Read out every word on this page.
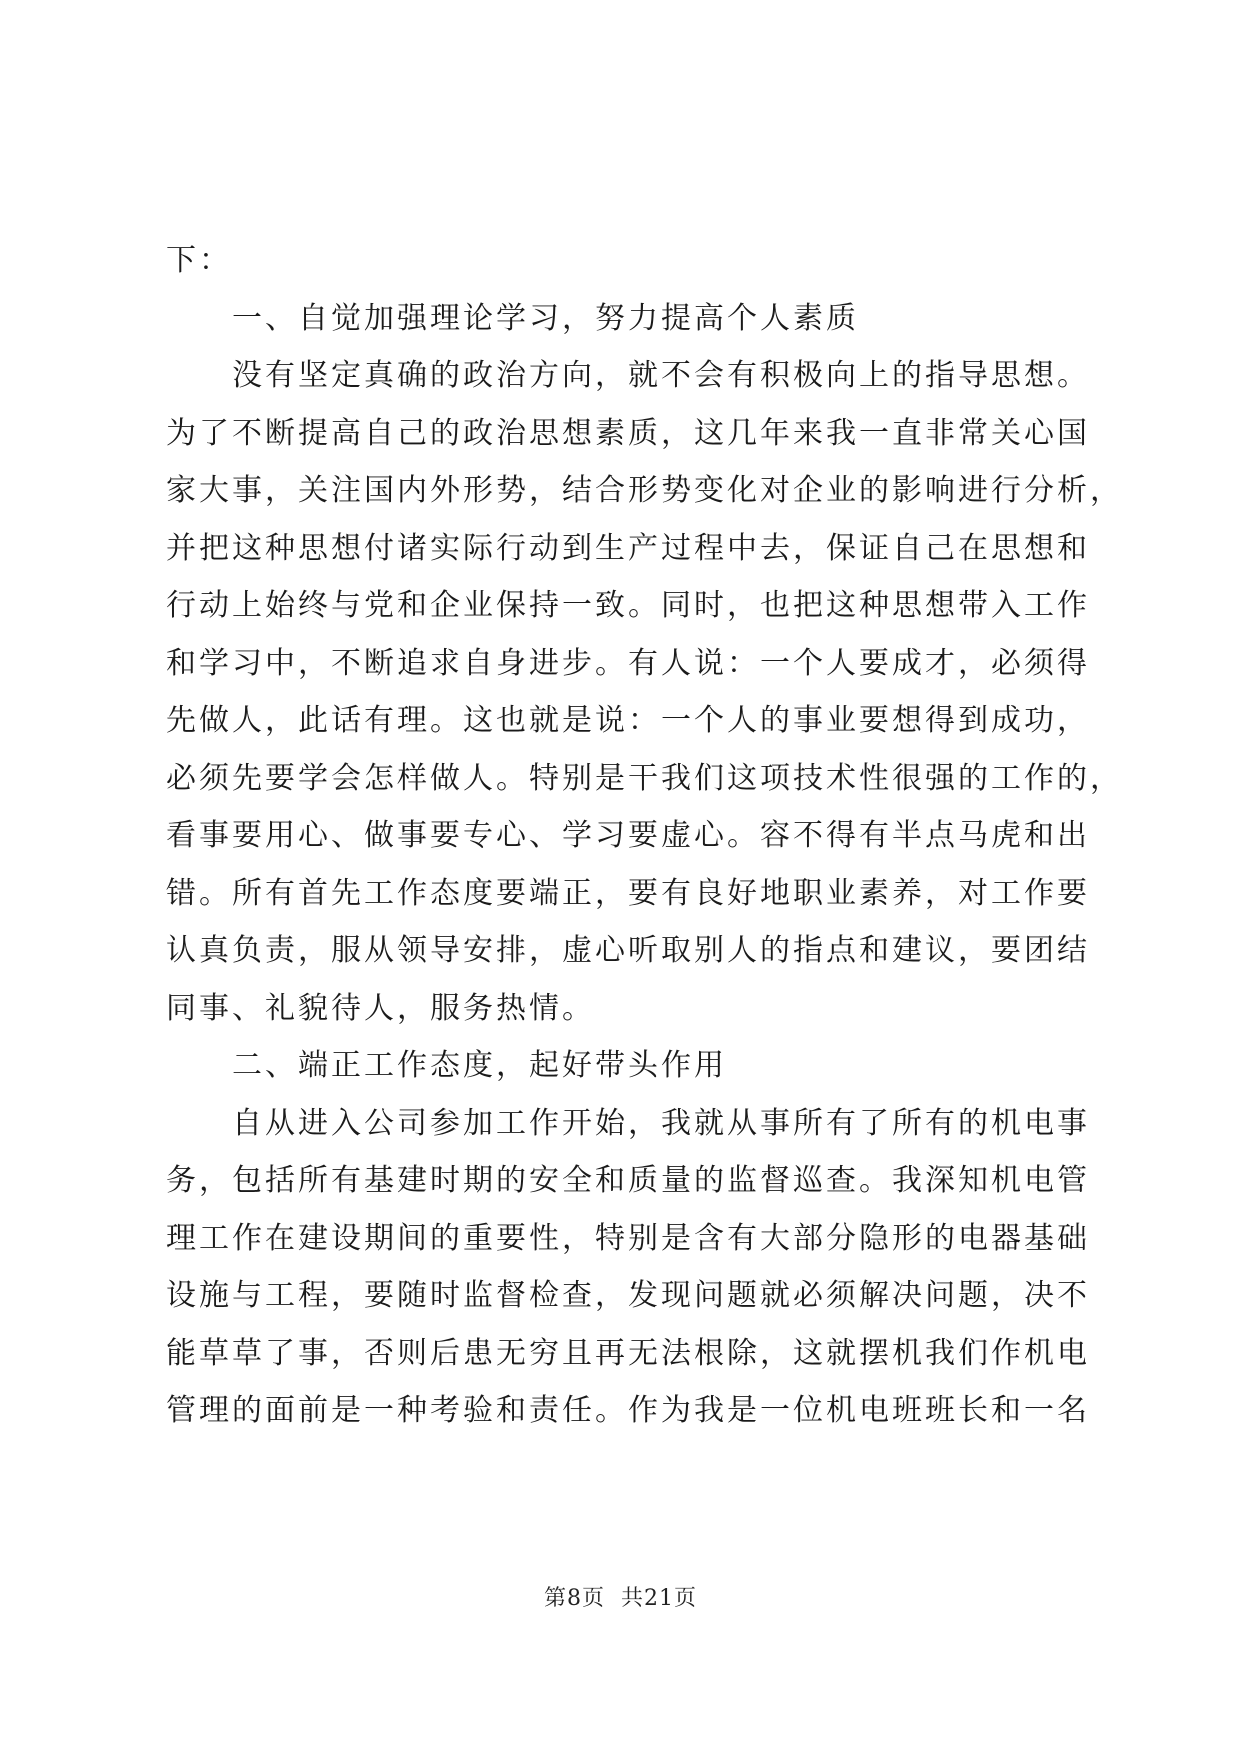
下：
一、自觉加强理论学习，努力提高个人素质
没有坚定真确的政治方向，就不会有积极向上的指导思想。
为了不断提高自己的政治思想素质，这几年来我一直非常关心国
家大事，关注国内外形势，结合形势变化对企业的影响进行分析，
并把这种思想付诸实际行动到生产过程中去，保证自己在思想和
行动上始终与党和企业保持一致。同时，也把这种思想带入工作
和学习中，不断追求自身进步。有人说：一个人要成才，必须得
先做人，此话有理。这也就是说：一个人的事业要想得到成功，
必须先要学会怎样做人。特别是干我们这项技术性很强的工作的，
看事要用心、做事要专心、学习要虚心。容不得有半点马虎和出
错。所有首先工作态度要端正，要有良好地职业素养，对工作要
认真负责，服从领导安排，虚心听取别人的指点和建议，要团结
同事、礼貌待人，服务热情。
二、端正工作态度，起好带头作用
自从进入公司参加工作开始，我就从事所有了所有的机电事
务，包括所有基建时期的安全和质量的监督巡查。我深知机电管
理工作在建设期间的重要性，特别是含有大部分隐形的电器基础
设施与工程，要随时监督检查，发现问题就必须解决问题，决不
能草草了事，否则后患无穷且再无法根除，这就摆机我们作机电
管理的面前是一种考验和责任。作为我是一位机电班班长和一名
第8页 共21页
